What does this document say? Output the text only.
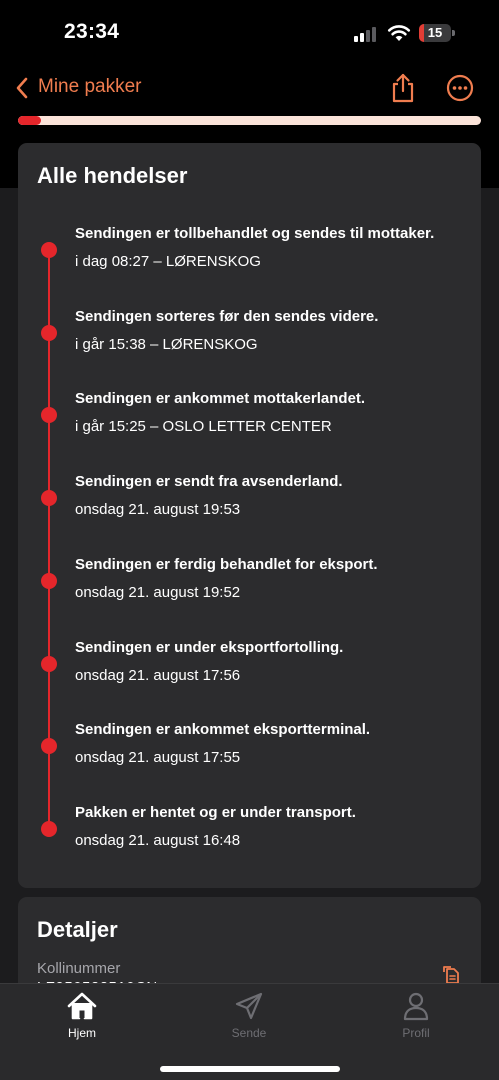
23:34	15
Mine pakker
Alle hendelser
Sendingen er tollbehandlet og sendes til mottaker.
i dag 08:27 – LØRENSKOG
Sendingen sorteres før den sendes videre.
i går 15:38 – LØRENSKOG
Sendingen er ankommet mottakerlandet.
i går 15:25 – OSLO LETTER CENTER
Sendingen er sendt fra avsenderland.
onsdag 21. august 19:53
Sendingen er ferdig behandlet for eksport.
onsdag 21. august 19:52
Sendingen er under eksportfortolling.
onsdag 21. august 17:56
Sendingen er ankommet eksportterminal.
onsdag 21. august 17:55
Pakken er hentet og er under transport.
onsdag 21. august 16:48
Detaljer
Kollinummer
Hjem	Sende	Profil
